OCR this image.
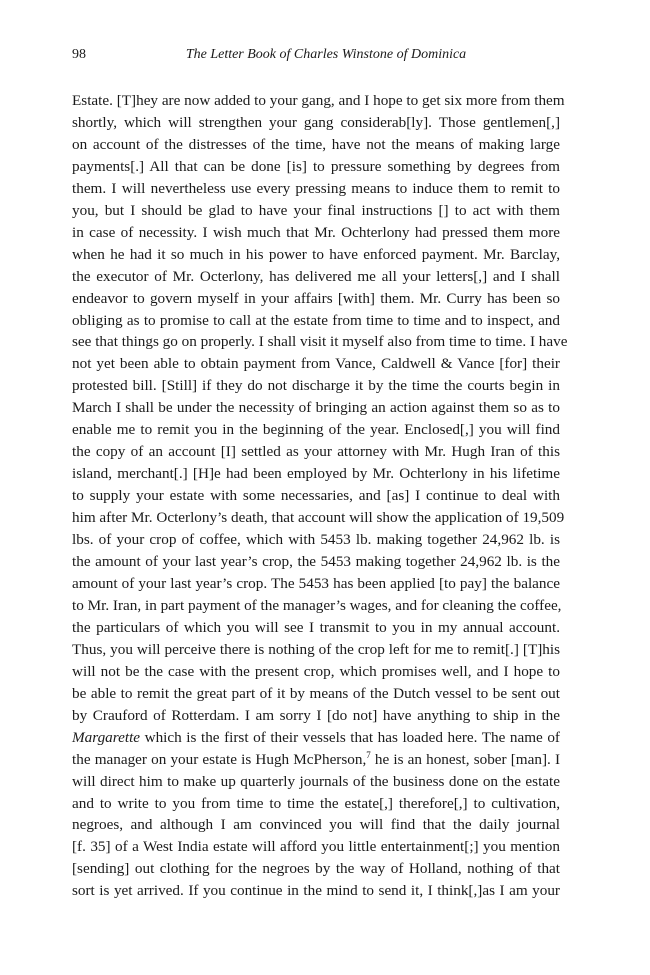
98	The Letter Book of Charles Winstone of Dominica
Estate. [T]hey are now added to your gang, and I hope to get six more from them
shortly, which will strengthen your gang considerab[ly]. Those gentlemen[,]
on account of the distresses of the time, have not the means of making large
payments[.] All that can be done [is] to pressure something by degrees from
them. I will nevertheless use every pressing means to induce them to remit to
you, but I should be glad to have your final instructions [] to act with them
in case of necessity. I wish much that Mr. Ochterlony had pressed them more
when he had it so much in his power to have enforced payment. Mr. Barclay,
the executor of Mr. Octerlony, has delivered me all your letters[,] and I shall
endeavor to govern myself in your affairs [with] them. Mr. Curry has been so
obliging as to promise to call at the estate from time to time and to inspect, and
see that things go on properly. I shall visit it myself also from time to time. I have
not yet been able to obtain payment from Vance, Caldwell & Vance [for] their
protested bill. [Still] if they do not discharge it by the time the courts begin in
March I shall be under the necessity of bringing an action against them so as to
enable me to remit you in the beginning of the year. Enclosed[,] you will find
the copy of an account [I] settled as your attorney with Mr. Hugh Iran of this
island, merchant[.] [H]e had been employed by Mr. Ochterlony in his lifetime
to supply your estate with some necessaries, and [as] I continue to deal with
him after Mr. Octerlony’s death, that account will show the application of 19,509
lbs. of your crop of coffee, which with 5453 lb. making together 24,962 lb. is
the amount of your last year’s crop, the 5453 making together 24,962 lb. is the
amount of your last year’s crop. The 5453 has been applied [to pay] the balance
to Mr. Iran, in part payment of the manager’s wages, and for cleaning the coffee,
the particulars of which you will see I transmit to you in my annual account.
Thus, you will perceive there is nothing of the crop left for me to remit[.] [T]his
will not be the case with the present crop, which promises well, and I hope to
be able to remit the great part of it by means of the Dutch vessel to be sent out
by Crauford of Rotterdam. I am sorry I [do not] have anything to ship in the
Margarette which is the first of their vessels that has loaded here. The name of
the manager on your estate is Hugh McPherson,$^7$ he is an honest, sober [man]. I
will direct him to make up quarterly journals of the business done on the estate
and to write to you from time to time the estate[,] therefore[,] to cultivation,
negroes, and although I am convinced you will find that the daily journal
[f. 35] of a West India estate will afford you little entertainment[;] you mention
[sending] out clothing for the negroes by the way of Holland, nothing of that
sort is yet arrived. If you continue in the mind to send it, I think[,]as I am your
